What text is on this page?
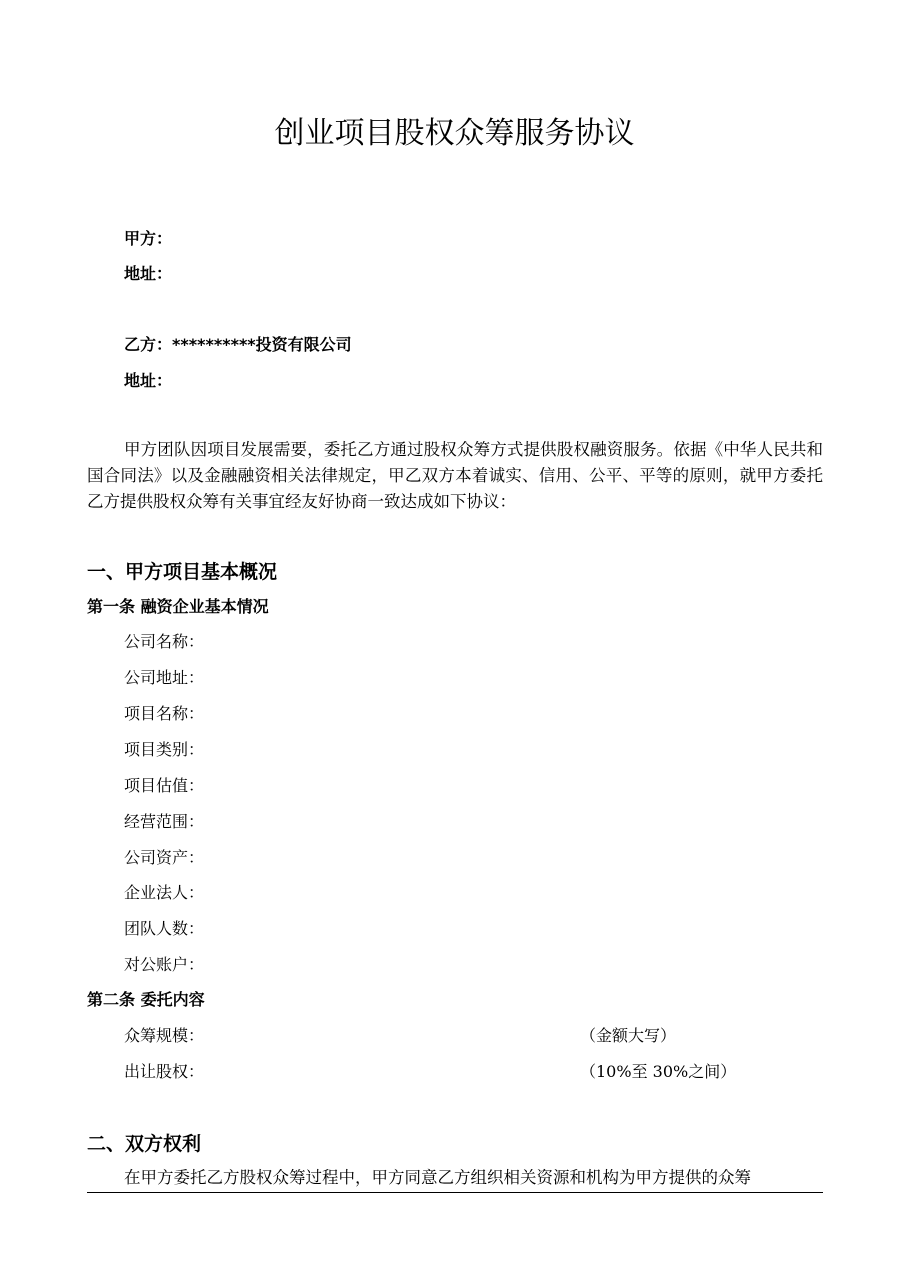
创业项目股权众筹服务协议
甲方：
地址：
乙方：**********投资有限公司
地址：
甲方团队因项目发展需要，委托乙方通过股权众筹方式提供股权融资服务。依据《中华人民共和国合同法》以及金融融资相关法律规定，甲乙双方本着诚实、信用、公平、平等的原则，就甲方委托乙方提供股权众筹有关事宜经友好协商一致达成如下协议：
一、甲方项目基本概况
第一条 融资企业基本情况
公司名称：
公司地址：
项目名称：
项目类别：
项目估值：
经营范围：
公司资产：
企业法人：
团队人数：
对公账户：
第二条 委托内容
众筹规模：	（金额大写）
出让股权：	（10%至 30%之间）
二、双方权利
在甲方委托乙方股权众筹过程中，甲方同意乙方组织相关资源和机构为甲方提供的众筹
